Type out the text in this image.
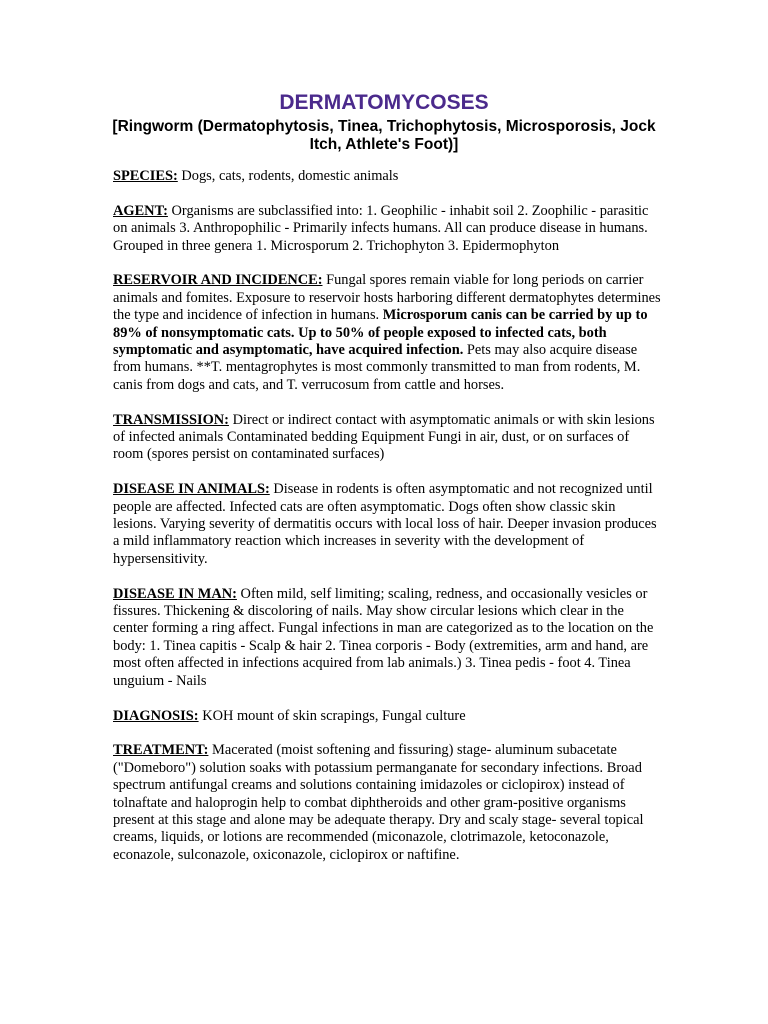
DERMATOMYCOSES

[Ringworm (Dermatophytosis, Tinea, Trichophytosis, Microsporosis, Jock Itch, Athlete's Foot)]

SPECIES: Dogs, cats, rodents, domestic animals

AGENT: Organisms are subclassified into: 1. Geophilic - inhabit soil 2. Zoophilic - parasitic on animals 3. Anthropophilic - Primarily infects humans. All can produce disease in humans. Grouped in three genera 1. Microsporum 2. Trichophyton 3. Epidermophyton

RESERVOIR AND INCIDENCE: Fungal spores remain viable for long periods on carrier animals and fomites. Exposure to reservoir hosts harboring different dermatophytes determines the type and incidence of infection in humans. Microsporum canis can be carried by up to 89% of nonsymptomatic cats. Up to 50% of people exposed to infected cats, both symptomatic and asymptomatic, have acquired infection. Pets may also acquire disease from humans. **T. mentagrophytes is most commonly transmitted to man from rodents, M. canis from dogs and cats, and T. verrucosum from cattle and horses.

TRANSMISSION: Direct or indirect contact with asymptomatic animals or with skin lesions of infected animals Contaminated bedding Equipment Fungi in air, dust, or on surfaces of room (spores persist on contaminated surfaces)

DISEASE IN ANIMALS: Disease in rodents is often asymptomatic and not recognized until people are affected. Infected cats are often asymptomatic. Dogs often show classic skin lesions. Varying severity of dermatitis occurs with local loss of hair. Deeper invasion produces a mild inflammatory reaction which increases in severity with the development of hypersensitivity.

DISEASE IN MAN: Often mild, self limiting; scaling, redness, and occasionally vesicles or fissures. Thickening & discoloring of nails. May show circular lesions which clear in the center forming a ring affect. Fungal infections in man are categorized as to the location on the body: 1. Tinea capitis - Scalp & hair 2. Tinea corporis - Body (extremities, arm and hand, are most often affected in infections acquired from lab animals.) 3. Tinea pedis - foot 4. Tinea unguium - Nails

DIAGNOSIS: KOH mount of skin scrapings, Fungal culture

TREATMENT: Macerated (moist softening and fissuring) stage- aluminum subacetate ("Domeboro") solution soaks with potassium permanganate for secondary infections. Broad spectrum antifungal creams and solutions containing imidazoles or ciclopirox) instead of tolnaftate and haloprogin help to combat diphtheroids and other gram-positive organisms present at this stage and alone may be adequate therapy. Dry and scaly stage- several topical creams, liquids, or lotions are recommended (miconazole, clotrimazole, ketoconazole, econazole, sulconazole, oxiconazole, ciclopirox or naftifine.
